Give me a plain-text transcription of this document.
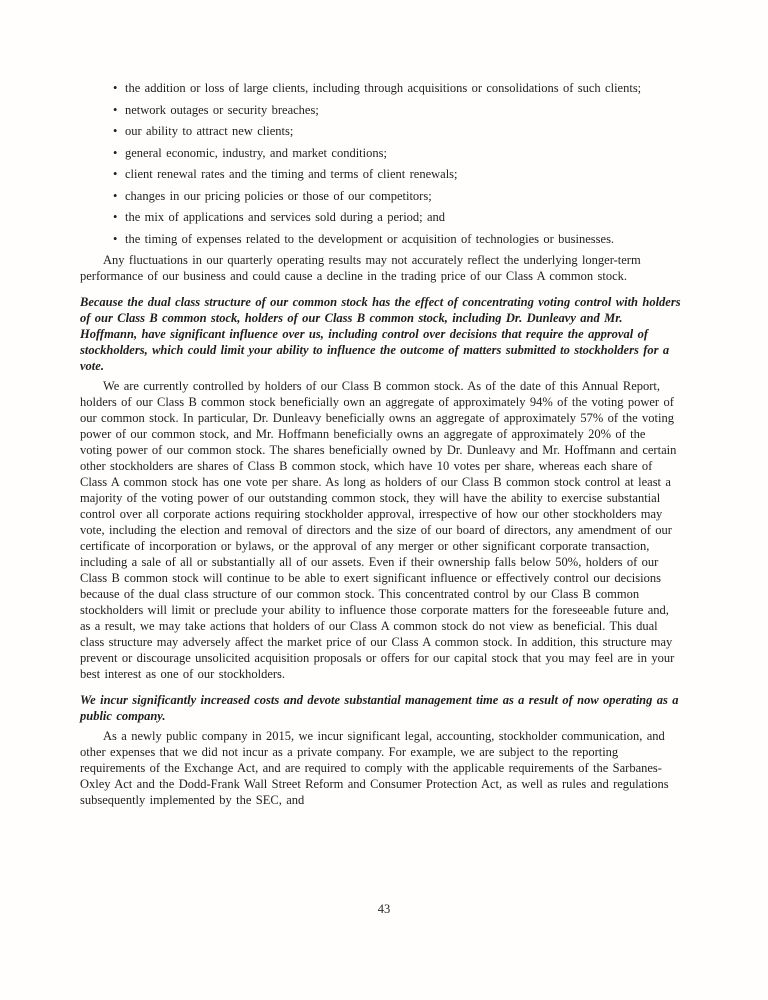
•
the addition or loss of large clients, including through acquisitions or consolidations of such clients;
•
network outages or security breaches;
•
our ability to attract new clients;
•
general economic, industry, and market conditions;
•
client renewal rates and the timing and terms of client renewals;
•
changes in our pricing policies or those of our competitors;
•
the mix of applications and services sold during a period; and
•
the timing of expenses related to the development or acquisition of technologies or businesses.

Any fluctuations in our quarterly operating results may not accurately reflect the underlying longer-term performance of our business and could cause a decline in the trading price of our Class A common stock.

Because the dual class structure of our common stock has the effect of concentrating voting control with holders of our Class B common stock, holders of our Class B common stock, including Dr. Dunleavy and Mr. Hoffmann, have significant influence over us, including control over decisions that require the approval of stockholders, which could limit your ability to influence the outcome of matters submitted to stockholders for a vote.

We are currently controlled by holders of our Class B common stock. As of the date of this Annual Report, holders of our Class B common stock beneficially own an aggregate of approximately 94% of the voting power of our common stock. In particular, Dr. Dunleavy beneficially owns an aggregate of approximately 57% of the voting power of our common stock, and Mr. Hoffmann beneficially owns an aggregate of approximately 20% of the voting power of our common stock. The shares beneficially owned by Dr. Dunleavy and Mr. Hoffmann and certain other stockholders are shares of Class B common stock, which have 10 votes per share, whereas each share of Class A common stock has one vote per share. As long as holders of our Class B common stock control at least a majority of the voting power of our outstanding common stock, they will have the ability to exercise substantial control over all corporate actions requiring stockholder approval, irrespective of how our other stockholders may vote, including the election and removal of directors and the size of our board of directors, any amendment of our certificate of incorporation or bylaws, or the approval of any merger or other significant corporate transaction, including a sale of all or substantially all of our assets. Even if their ownership falls below 50%, holders of our Class B common stock will continue to be able to exert significant influence or effectively control our decisions because of the dual class structure of our common stock. This concentrated control by our Class B common stockholders will limit or preclude your ability to influence those corporate matters for the foreseeable future and, as a result, we may take actions that holders of our Class A common stock do not view as beneficial. This dual class structure may adversely affect the market price of our Class A common stock. In addition, this structure may prevent or discourage unsolicited acquisition proposals or offers for our capital stock that you may feel are in your best interest as one of our stockholders.

We incur significantly increased costs and devote substantial management time as a result of now operating as a public company.

As a newly public company in 2015, we incur significant legal, accounting, stockholder communication, and other expenses that we did not incur as a private company. For example, we are subject to the reporting requirements of the Exchange Act, and are required to comply with the applicable requirements of the Sarbanes-Oxley Act and the Dodd-Frank Wall Street Reform and Consumer Protection Act, as well as rules and regulations subsequently implemented by the SEC, and

43
